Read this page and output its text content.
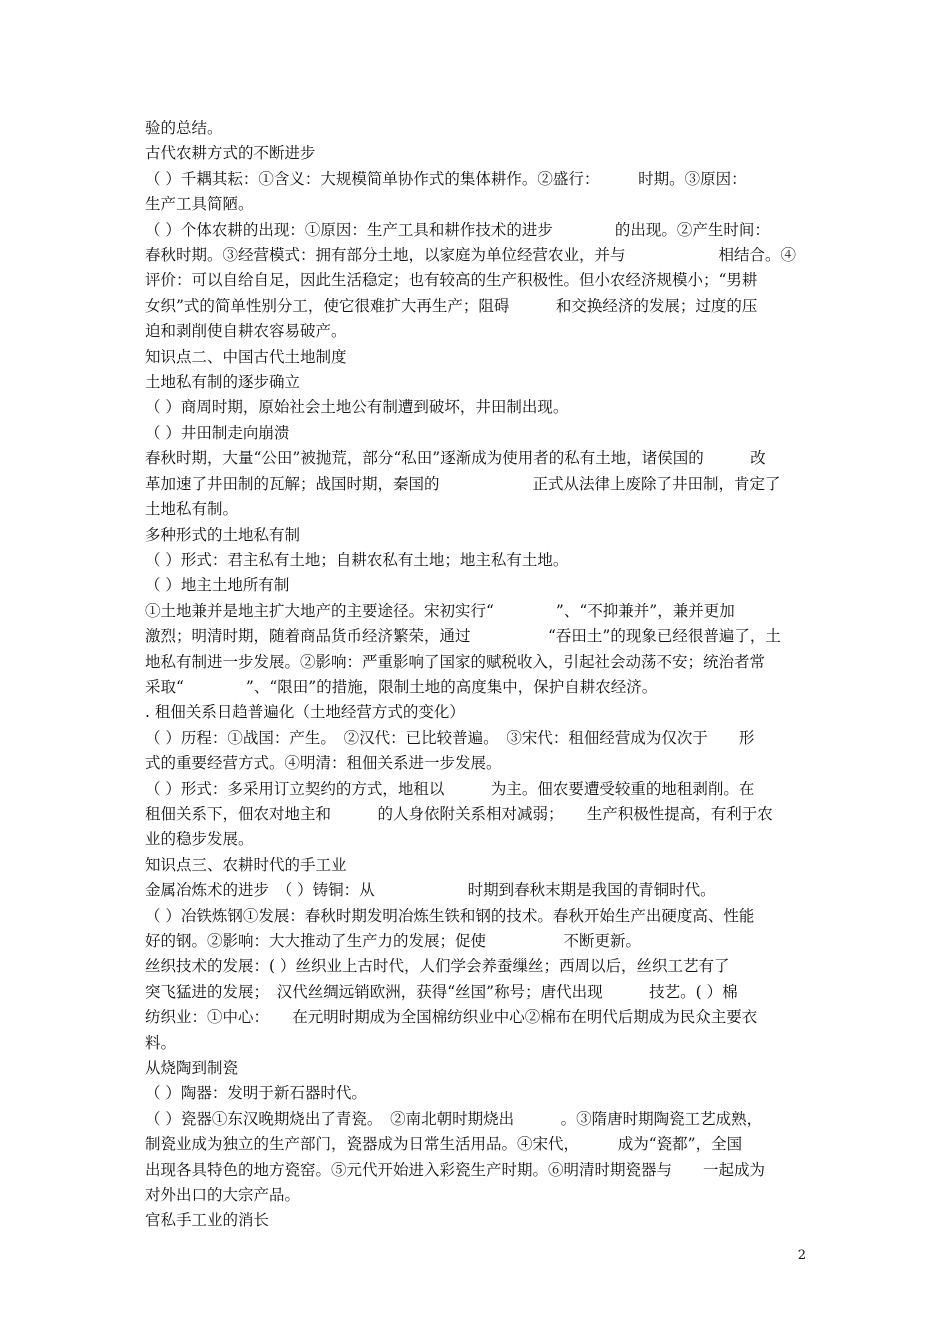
验的总结。

古代农耕方式的不断进步

（ ）千耦其耘：①含义：大规模简单协作式的集体耕作。②盛行：　　　时期。③原因：

生产工具简陋。

（ ）个体农耕的出现：①原因：生产工具和耕作技术的进步　　　　的出现。②产生时间：

春秋时期。③经营模式：拥有部分土地，以家庭为单位经营农业，并与　　　　　　相结合。④

评价：可以自给自足，因此生活稳定；也有较高的生产积极性。但小农经济规模小；“男耕

女织”式的简单性别分工，使它很难扩大再生产；阻碍　　　和交换经济的发展；过度的压

迫和剥削使自耕农容易破产。

知识点二、中国古代土地制度

土地私有制的逐步确立

（ ）商周时期，原始社会土地公有制遭到破坏，井田制出现。

（ ）井田制走向崩溃

春秋时期，大量“公田”被抛荒，部分“私田”逐渐成为使用者的私有土地，诸侯国的　　　改

革加速了井田制的瓦解；战国时期，秦国的　　　　　　正式从法律上废除了井田制，肯定了

土地私有制。

多种形式的土地私有制

（ ）形式：君主私有土地；自耕农私有土地；地主私有土地。

（ ）地主土地所有制

①土地兼并是地主扩大地产的主要途径。宋初实行“　　　　”、“不抑兼并”，兼并更加

激烈；明清时期，随着商品货币经济繁荣，通过　　　　　“吞田土”的现象已经很普遍了，土

地私有制进一步发展。②影响：严重影响了国家的赋税收入，引起社会动荡不安；统治者常

采取“　　　　”、“限田”的措施，限制土地的高度集中，保护自耕农经济。

. 租佃关系日趋普遍化（土地经营方式的变化）

（ ）历程：①战国：产生。　②汉代：已比较普遍。　③宋代：租佃经营成为仅次于　　形

式的重要经营方式。④明清：租佃关系进一步发展。

（ ）形式：多采用订立契约的方式，地租以　　　为主。佃农要遭受较重的地租剥削。在

租佃关系下，佃农对地主和　　　的人身依附关系相对减弱；　　生产积极性提高，有利于农

业的稳步发展。

知识点三、农耕时代的手工业

金属冶炼术的进步　（ ）铸铜：从　　　　　　时期到春秋末期是我国的青铜时代。

（ ）冶铁炼钢①发展：春秋时期发明冶炼生铁和钢的技术。春秋开始生产出硬度高、性能

好的钢。②影响：大大推动了生产力的发展；促使　　　　　不断更新。

丝织技术的发展：( ）丝织业上古时代，人们学会养蚕缫丝；西周以后，丝织工艺有了

突飞猛进的发展；　汉代丝绸远销欧洲，获得“丝国”称号；唐代出现　　　技艺。( ）棉

纺织业：①中心：　　在元明时期成为全国棉纺织业中心②棉布在明代后期成为民众主要衣

料。

从烧陶到制瓷

（ ）陶器：发明于新石器时代。

（ ）瓷器①东汉晚期烧出了青瓷。　②南北朝时期烧出　　　。③隋唐时期陶瓷工艺成熟，

制瓷业成为独立的生产部门，瓷器成为日常生活用品。④宋代，　　　成为“瓷都”，全国

出现各具特色的地方瓷窑。⑤元代开始进入彩瓷生产时期。⑥明清时期瓷器与　　一起成为

对外出口的大宗产品。

官私手工业的消长

2
